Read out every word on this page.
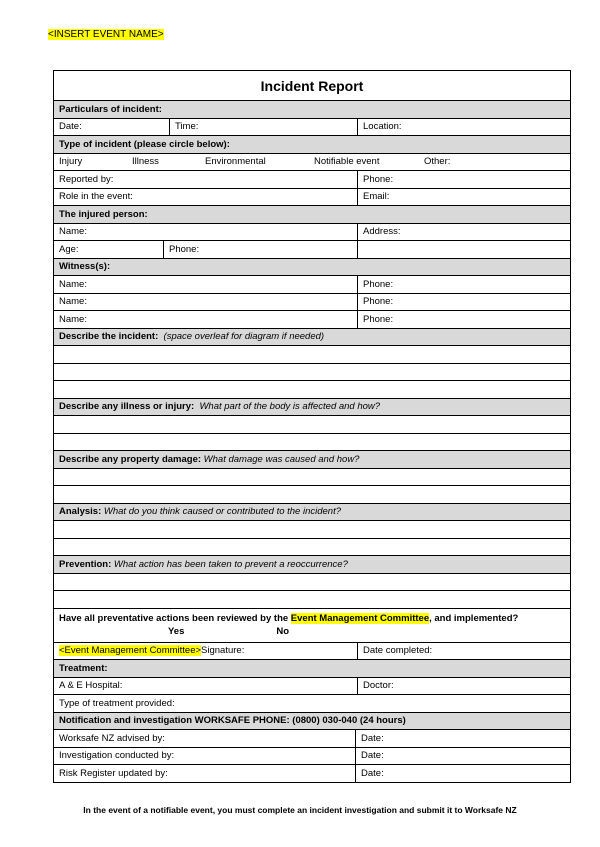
<INSERT EVENT NAME>
Incident Report
Particulars of incident:
Date:	Time:	Location:
Type of incident (please circle below):
Injury	Illness	Environmental	Notifiable event	Other:
Reported by:	Phone:
Role in the event:	Email:
The injured person:
Name:	Address:
Age:	Phone:
Witness(s):
Name:	Phone:
Name:	Phone:
Name:	Phone:
Describe the incident:
(space overleaf for diagram if needed)
Describe any illness or injury:
What part of the body is affected and how?
Describe any property damage:
What damage was caused and how?
Analysis:
What do you think caused or contributed to the incident?
Prevention:
What action has been taken to prevent a reoccurrence?
Have all preventative actions been reviewed by the Event Management Committee, and implemented?
Yes	No
<Event Management Committee> Signature:	Date completed:
Treatment:
A & E Hospital:	Doctor:
Type of treatment provided:
Notification and investigation WORKSAFE PHONE: (0800) 030-040 (24 hours)
Worksafe NZ advised by:	Date:
Investigation conducted by:	Date:
Risk Register updated by:	Date:
In the event of a notifiable event, you must complete an incident investigation and submit it to Worksafe NZ
